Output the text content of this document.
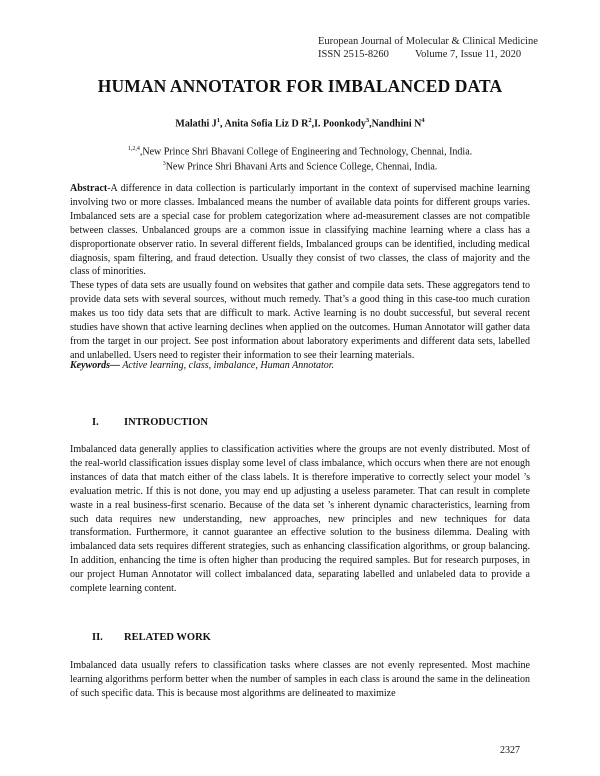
European Journal of Molecular & Clinical Medicine
ISSN 2515-8260 Volume 7, Issue 11, 2020
HUMAN ANNOTATOR FOR IMBALANCED DATA
Malathi $J^1$, Anita Sofia Liz D $R^2,I$. Poonkody$^3$,Nandhini $N^4$
$^{1,2,4}$,New Prince Shri Bhavani College of Engineering and Technology, Chennai, India.
$^3$New Prince Shri Bhavani Arts and Science College, Chennai, India.

Abstract-A difference in data collection is particularly important in the context of supervised machine learning involving two or more classes. Imbalanced means the number of available data points for different groups varies. Imbalanced sets are a special case for problem categorization where ad-measurement classes are not compatible between classes. Unbalanced groups are a common issue in classifying machine learning where a class has a disproportionate observer ratio. In several different fields, Imbalanced groups can be identified, including medical diagnosis, spam filtering, and fraud detection. Usually they consist of two classes, the class of majority and the class of minorities.

These types of data sets are usually found on websites that gather and compile data sets. These aggregators tend to provide data sets with several sources, without much remedy. That’s a good thing in this case-too much curation makes us too tidy data sets that are difficult to mark. Active learning is no doubt successful, but several recent studies have shown that active learning declines when applied on the outcomes. Human Annotator will gather data from the target in our project. See post information about laboratory experiments and different data sets, labelled and unlabelled. Users need to register their information to see their learning materials.

Keywords— Active learning, class, imbalance, Human Annotator.
I. INTRODUCTION

Imbalanced data generally applies to classification activities where the groups are not evenly distributed. Most of the real-world classification issues display some level of class imbalance, which occurs when there are not enough instances of data that match either of the class labels. It is therefore imperative to correctly select your model ’s evaluation metric. If this is not done, you may end up adjusting a useless parameter. That can result in complete waste in a real business-first scenario. Because of the data set ’s inherent dynamic characteristics, learning from such data requires new understanding, new approaches, new principles and new techniques for data transformation. Furthermore, it cannot guarantee an effective solution to the business dilemma. Dealing with imbalanced data sets requires different strategies, such as enhancing classification algorithms, or group balancing. In addition, enhancing the time is often higher than producing the required samples. But for research purposes, in our project Human Annotator will collect imbalanced data, separating labelled and unlabeled data to provide a complete learning content.

II. RELATED WORK

Imbalanced data usually refers to classification tasks where classes are not evenly represented. Most machine learning algorithms perform better when the number of samples in each class is around the same in the delineation of such specific data. This is because most algorithms are delineated to maximize

2327
